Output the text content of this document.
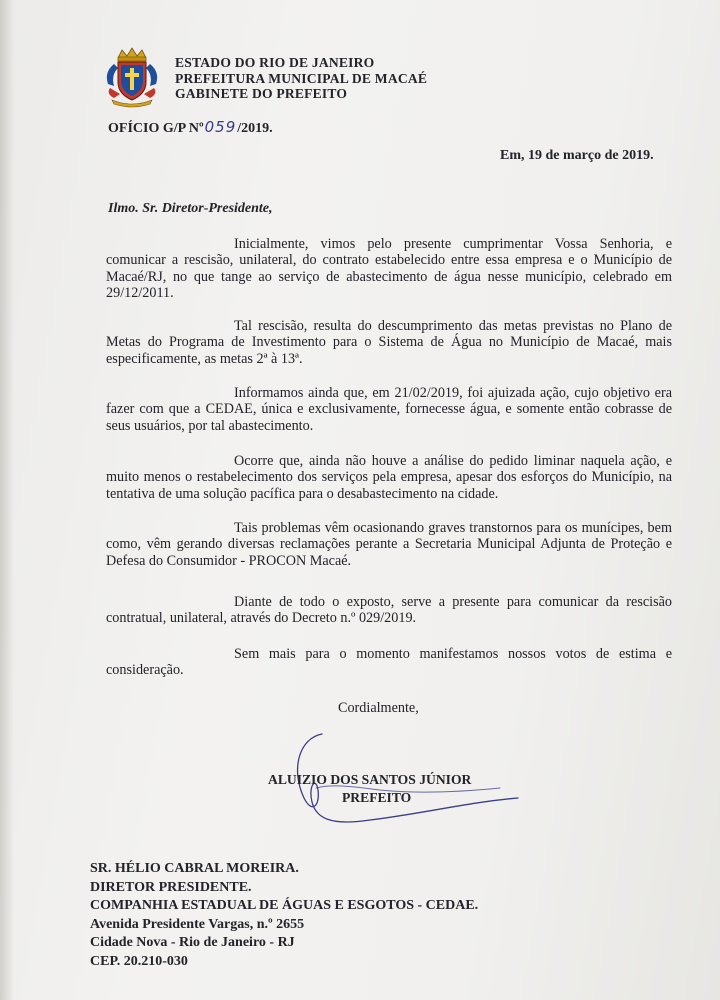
ESTADO DO RIO DE JANEIRO
PREFEITURA MUNICIPAL DE MACAÉ
GABINETE DO PREFEITO
OFÍCIO G/P Nº059/2019.
Em, 19 de março de 2019.
Ilmo. Sr. Diretor-Presidente,

Inicialmente, vimos pelo presente cumprimentar Vossa Senhoria, e comunicar a rescisão, unilateral, do contrato estabelecido entre essa empresa e o Município de Macaé/RJ, no que tange ao serviço de abastecimento de água nesse município, celebrado em 29/12/2011.

Tal rescisão, resulta do descumprimento das metas previstas no Plano de Metas do Programa de Investimento para o Sistema de Água no Município de Macaé, mais especificamente, as metas 2ª à 13ª.

Informamos ainda que, em 21/02/2019, foi ajuizada ação, cujo objetivo era fazer com que a CEDAE, única e exclusivamente, fornecesse água, e somente então cobrasse de seus usuários, por tal abastecimento.

Ocorre que, ainda não houve a análise do pedido liminar naquela ação, e muito menos o restabelecimento dos serviços pela empresa, apesar dos esforços do Município, na tentativa de uma solução pacífica para o desabastecimento na cidade.

Tais problemas vêm ocasionando graves transtornos para os munícipes, bem como, vêm gerando diversas reclamações perante a Secretaria Municipal Adjunta de Proteção e Defesa do Consumidor - PROCON Macaé.

Diante de todo o exposto, serve a presente para comunicar da rescisão contratual, unilateral, através do Decreto n.º 029/2019.

Sem mais para o momento manifestamos nossos votos de estima e consideração.

Cordialmente,
ALUIZIO DOS SANTOS JÚNIOR
PREFEITO
SR. HÉLIO CABRAL MOREIRA.
DIRETOR PRESIDENTE.
COMPANHIA ESTADUAL DE ÁGUAS E ESGOTOS - CEDAE.
Avenida Presidente Vargas, n.º 2655
Cidade Nova - Rio de Janeiro - RJ
CEP. 20.210-030
